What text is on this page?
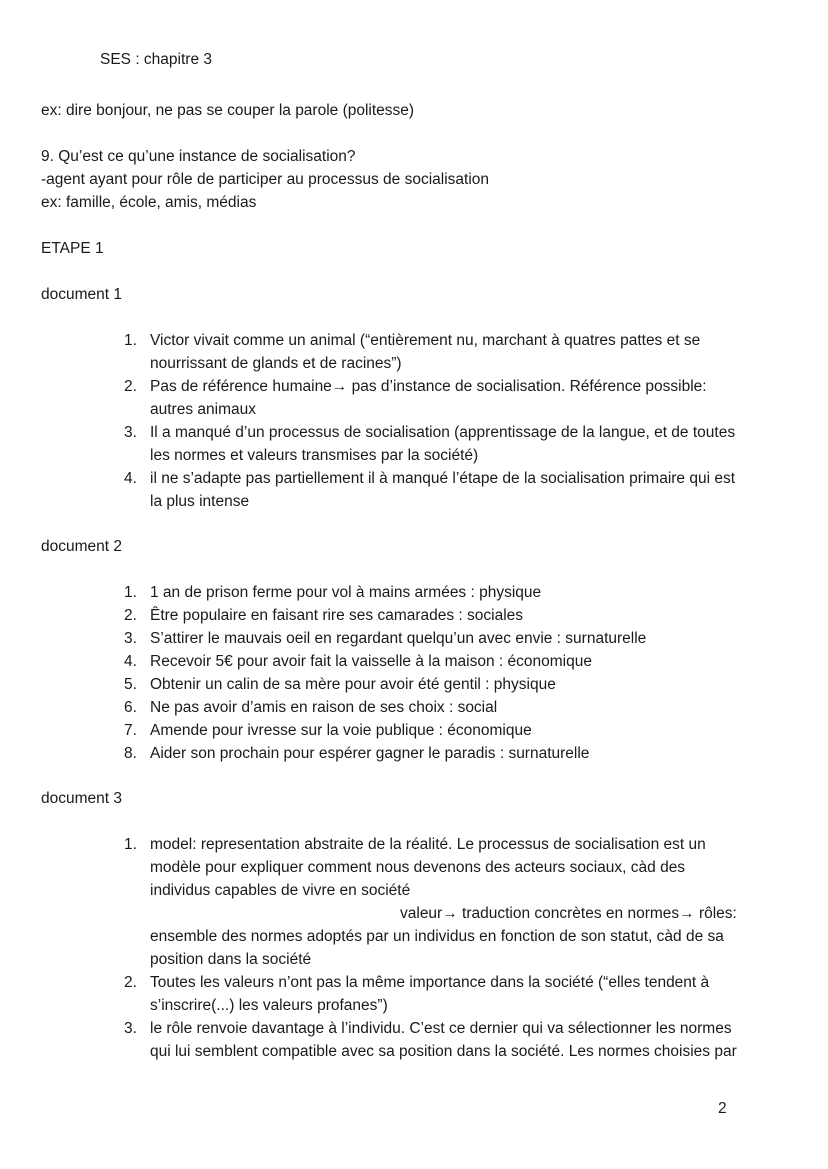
SES : chapitre 3
ex: dire bonjour, ne pas se couper la parole (politesse)
9. Qu’est ce qu’une instance de socialisation?
-agent ayant pour rôle de participer au processus de socialisation
ex: famille, école, amis, médias
ETAPE 1
document 1
1. Victor vivait comme un animal (“entièrement nu, marchant à quatres pattes et se
nourrissant de glands et de racines”)
2. Pas de référence humaine→ pas d’instance de socialisation. Référence possible:
autres animaux
3. Il a manqué d’un processus de socialisation (apprentissage de la langue, et de toutes
les normes et valeurs transmises par la société)
4. il ne s’adapte pas partiellement il à manqué l’étape de la socialisation primaire qui est
la plus intense
document 2
1. 1 an de prison ferme pour vol à mains armées : physique
2. Être populaire en faisant rire ses camarades : sociales
3. S’attirer le mauvais oeil en regardant quelqu’un avec envie : surnaturelle
4. Recevoir 5€ pour avoir fait la vaisselle à la maison : économique
5. Obtenir un calin de sa mère pour avoir été gentil : physique
6. Ne pas avoir d’amis en raison de ses choix : social
7. Amende pour ivresse sur la voie publique : économique
8. Aider son prochain pour espérer gagner le paradis : surnaturelle
document 3
1. model: representation abstraite de la réalité. Le processus de socialisation est un
modèle pour expliquer comment nous devenons des acteurs sociaux, càd des
individus capables de vivre en société
valeur→ traduction concrètes en normes→ rôles:
ensemble des normes adoptés par un individus en fonction de son statut, càd de sa
position dans la société
2. Toutes les valeurs n’ont pas la même importance dans la société (“elles tendent à
s’inscrire(...) les valeurs profanes”)
3. le rôle renvoie davantage à l’individu. C’est ce dernier qui va sélectionner les normes
qui lui semblent compatible avec sa position dans la société. Les normes choisies par
2
